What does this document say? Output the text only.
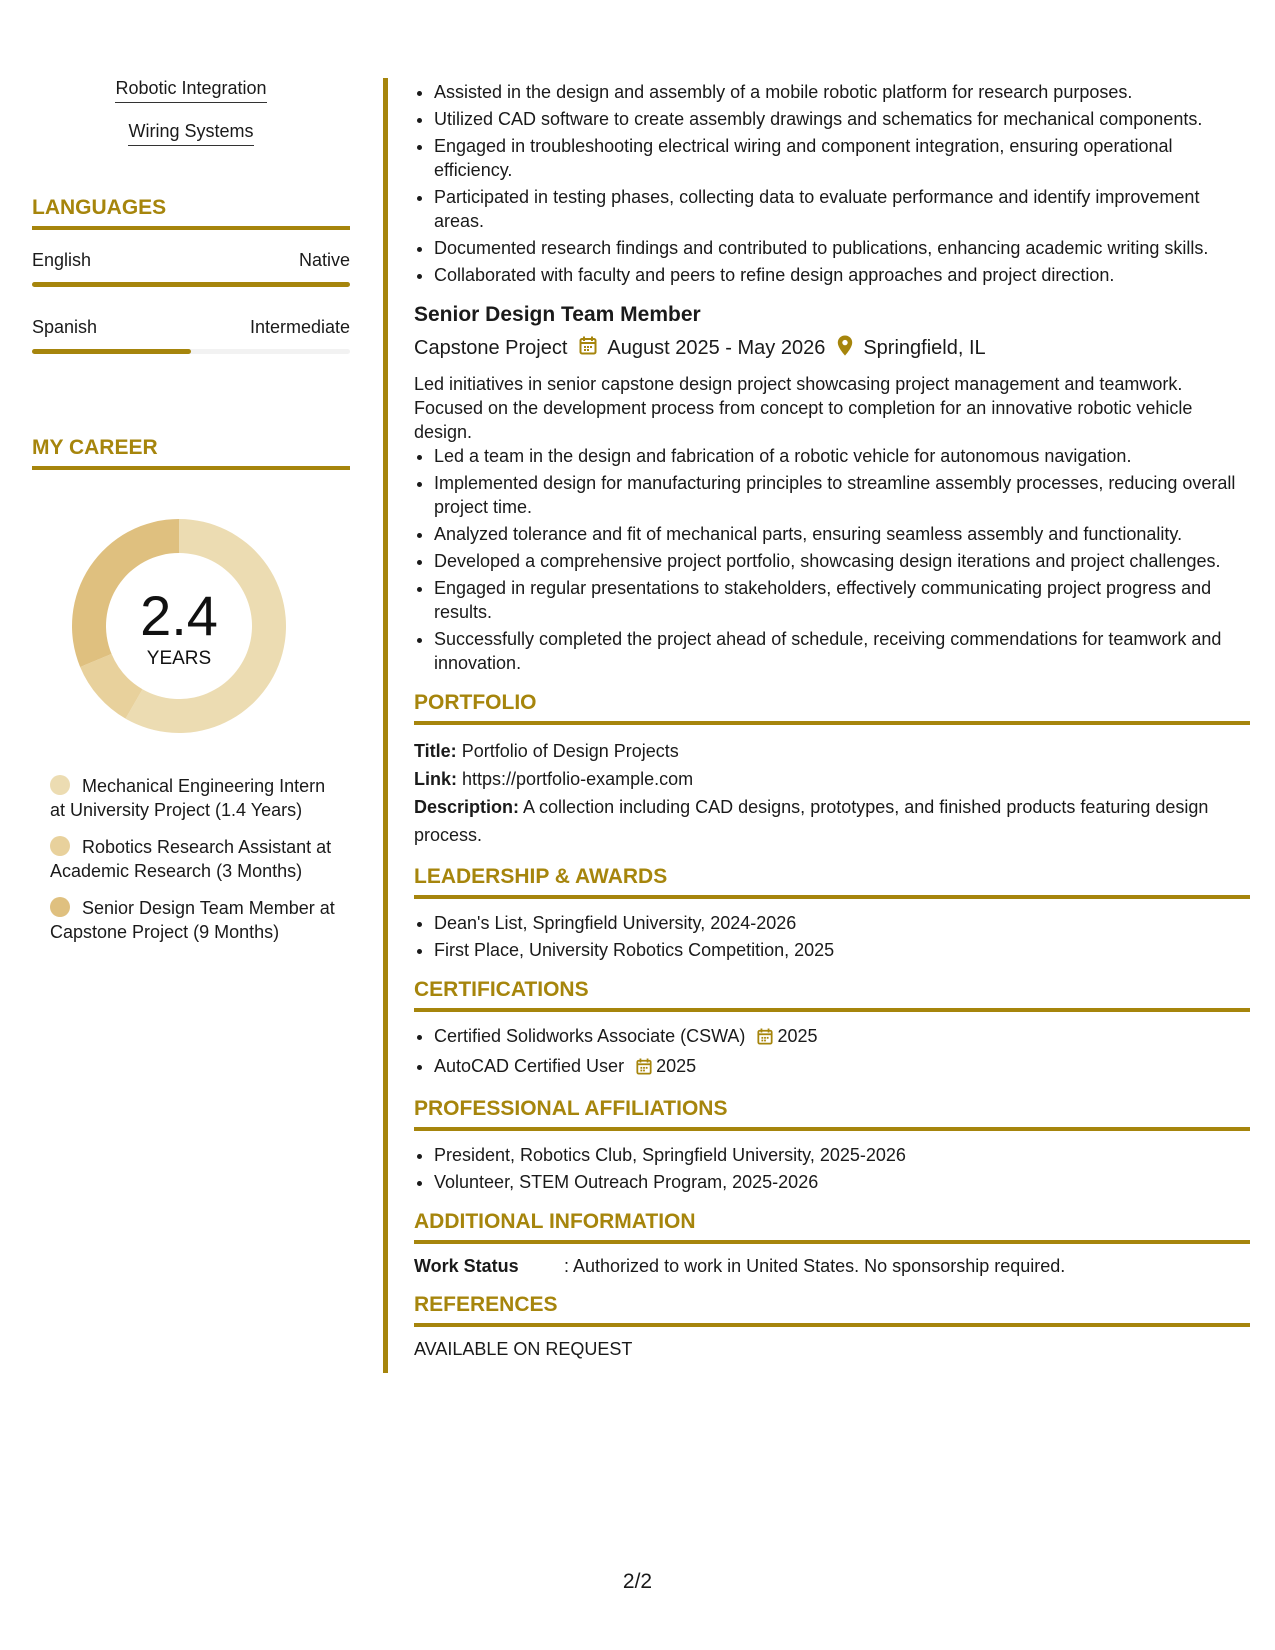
Robotic Integration
Wiring Systems
LANGUAGES
English	Native
Spanish	Intermediate
MY CAREER
2.4
YEARS
Mechanical Engineering Intern at University Project (1.4 Years)
Robotics Research Assistant at Academic Research (3 Months)
Senior Design Team Member at Capstone Project (9 Months)
• Assisted in the design and assembly of a mobile robotic platform for research purposes.
• Utilized CAD software to create assembly drawings and schematics for mechanical components.
• Engaged in troubleshooting electrical wiring and component integration, ensuring operational efficiency.
• Participated in testing phases, collecting data to evaluate performance and identify improvement areas.
• Documented research findings and contributed to publications, enhancing academic writing skills.
• Collaborated with faculty and peers to refine design approaches and project direction.
Senior Design Team Member
Capstone Project August 2025 - May 2026 Springfield, IL
Led initiatives in senior capstone design project showcasing project management and teamwork. Focused on the development process from concept to completion for an innovative robotic vehicle design.
• Led a team in the design and fabrication of a robotic vehicle for autonomous navigation.
• Implemented design for manufacturing principles to streamline assembly processes, reducing overall project time.
• Analyzed tolerance and fit of mechanical parts, ensuring seamless assembly and functionality.
• Developed a comprehensive project portfolio, showcasing design iterations and project challenges.
• Engaged in regular presentations to stakeholders, effectively communicating project progress and results.
• Successfully completed the project ahead of schedule, receiving commendations for teamwork and innovation.
PORTFOLIO
Title: Portfolio of Design Projects
Link: https://portfolio-example.com
Description: A collection including CAD designs, prototypes, and finished products featuring design process.
LEADERSHIP & AWARDS
• Dean's List, Springfield University, 2024-2026
• First Place, University Robotics Competition, 2025
CERTIFICATIONS
• Certified Solidworks Associate (CSWA) 2025
• AutoCAD Certified User 2025
PROFESSIONAL AFFILIATIONS
• President, Robotics Club, Springfield University, 2025-2026
• Volunteer, STEM Outreach Program, 2025-2026
ADDITIONAL INFORMATION
Work Status	: Authorized to work in United States. No sponsorship required.
REFERENCES
AVAILABLE ON REQUEST
2/2
